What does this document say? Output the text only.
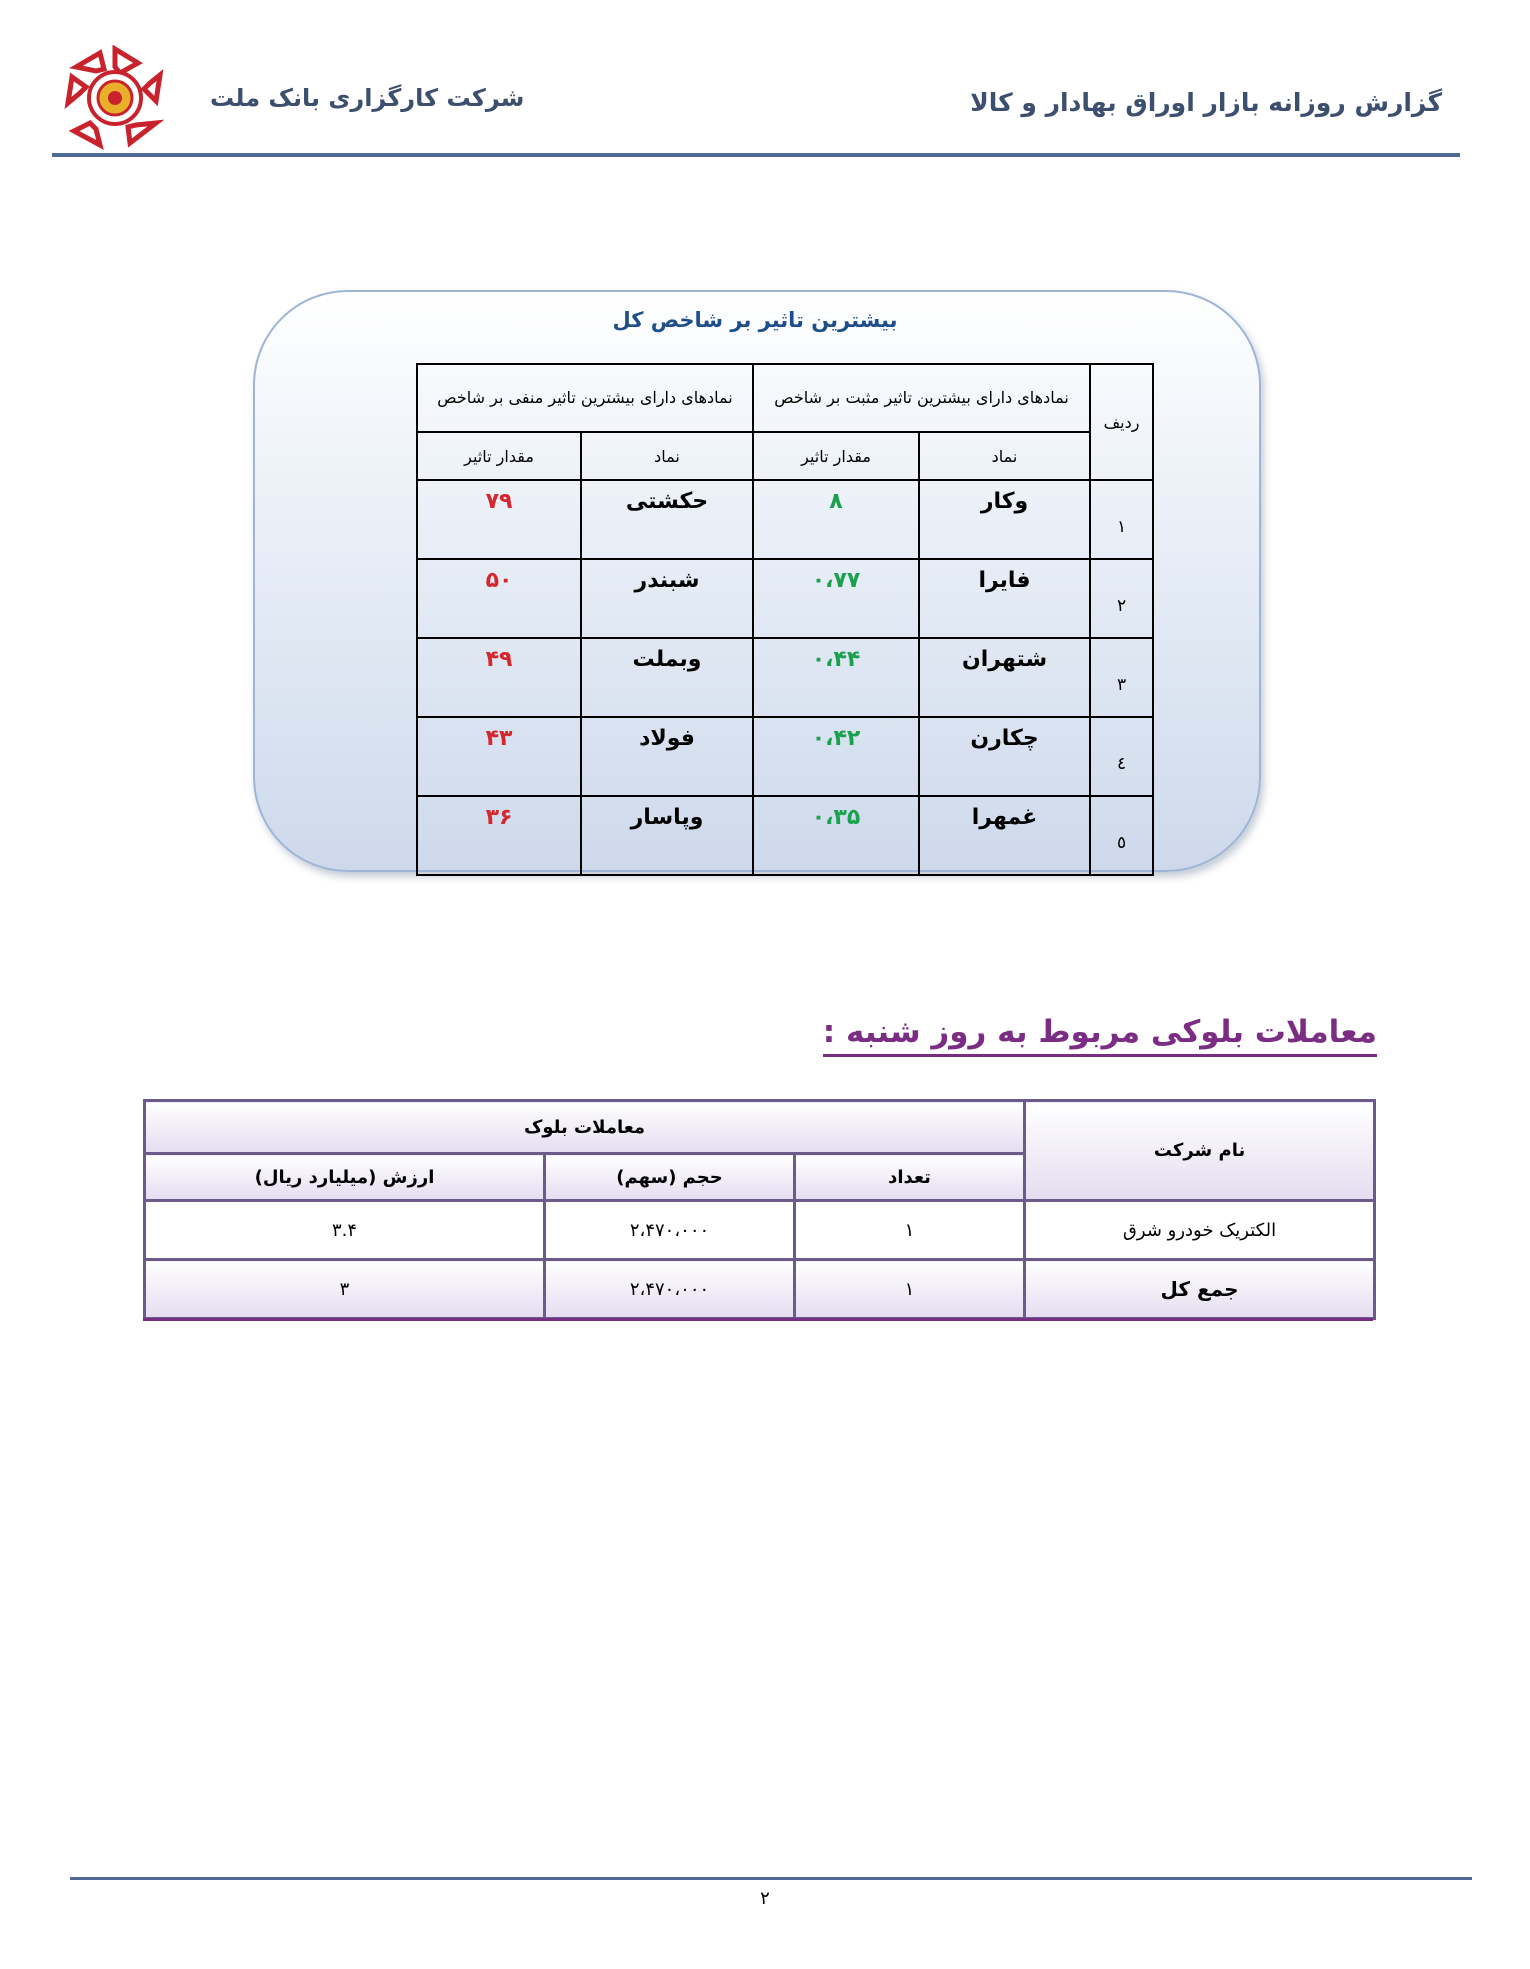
شرکت کارگزاری بانک ملت	گزارش روزانه بازار اوراق بهادار و کالا
بیشترین تاثیر بر شاخص کل
ردیف	نمادهای دارای بیشترین تاثیر مثبت بر شاخص		نمادهای دارای بیشترین تاثیر منفی بر شاخص	
	نماد	مقدار تاثیر	نماد	مقدار تاثیر
۱	وکار	۸	حکشتی	۷۹
۲	فایرا	۰،۷۷	شبندر	۵۰
۳	شتهران	۰،۴۴	وبملت	۴۹
٤	چکارن	۰،۴۲	فولاد	۴۳
٥	غمهرا	۰،۳۵	وپاسار	۳۶
معاملات بلوکی مربوط به روز شنبه :
نام شرکت	معاملات بلوک		
	تعداد	حجم (سهم)	ارزش (میلیارد ریال)
الکتریک خودرو شرق	۱	۲،۴۷۰،۰۰۰	۳.۴
جمع کل	۱	۲،۴۷۰،۰۰۰	۳
۲
